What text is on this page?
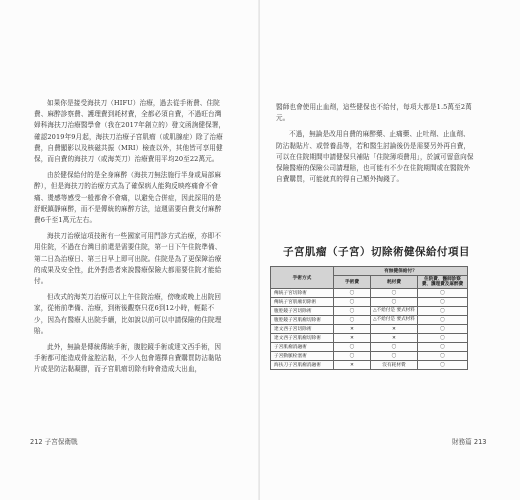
如果你是接受海扶刀（HIFU）治療，過去從手術費、住院費、麻醉診察費、護理費到耗材費，全都必須自費，不過旺台灣婦科海扶刀治療醫學會（我在2017年創立的）發文函詢健保署，確認2019年9月起，海扶刀治療子宮肌瘤（或肌腺症）除了治療費，自費顯影以及核磁共振（MRI）檢查以外，其他皆可享用健保，而自費的海扶刀（或海芙刀）治療費用平均20至22萬元。

由於健保給付的是全身麻醉（海扶刀無法施行半身或局部麻醉），但是海扶刀的治療方式為了確保病人能夠反映疼痛會不會痛、燙感等感受一般都會不會痛，以避免合併症，因此採用的是舒眠鎮靜麻醉，而不是傳統的麻醉方法，這週需要自費支付麻醉費6千至1萬元左右。

海扶刀治療這項技術有一些國家可用門診方式治療，亦即不用住院，不過在台灣目前還是需要住院，第一日下午住院準備、第二日為治療日、第三日早上即可出院。住院是為了更保障治療的成果及安全性，此外對患者來說醫療保險大都需要住院才能給付。

但改式的海芙刀治療可以上午住院治療，傍晚或晚上出院回家，從術前準備、治療，到術後觀察只花6到12小時，輕鬆不少，因為有醫療人出院手續，比如說以前可以申請保險的住院理賠。

此外，無論是傳統傳統手術，腹腔鏡手術或達文西手術，因手術都可能造成骨盆腔沾黏，不少人包會選擇自費購買防沾黏貼片或是防沾黏凝膠，而子宮肌瘤切除有時會造成大出血，

212 子宮保衛戰

醫師也會使用止血劑，這些健保也不給付，每項大都是1.5萬至2萬元。

不過，無論是改用自費的麻醉藥、止痛藥、止吐劑、止血劑、防沾黏貼片、或營養品等，若和醫生討論後仍是需要另外再自費，可以在住院期間申請健保只補貼「住院簿項費用」，於誠可留意向保保險醫療的保險公司請理賠，也可能有不少在住院期間或在醫院外自費購買，可能就真的得自己額外掏錢了。

子宮肌瘤（子宮）切除術健保給付項目
手術方式	有無健保給付？		
	手術費	耗材費	住院費、醫師診察費、護理費及麻醉費
傳統子宮切除術	〇	〇	〇
傳統子宮肌瘤切除術	〇	〇	〇
腹腔鏡子宮切除術	〇	△不給付是 要式材料	〇
腹腔鏡子宮肌瘤切除術	〇	△不給付是 要式材料	〇
達文西子宮切除術	✕	✕	〇
達文西子宮肌瘤切除術	✕	✕	〇
子宮肌瘤消融術	〇	〇	〇
子宮動脈栓塞術	〇	〇	〇
海扶刀子宮肌瘤消融術	✕	沒有耗材費	〇
財務篇 213
